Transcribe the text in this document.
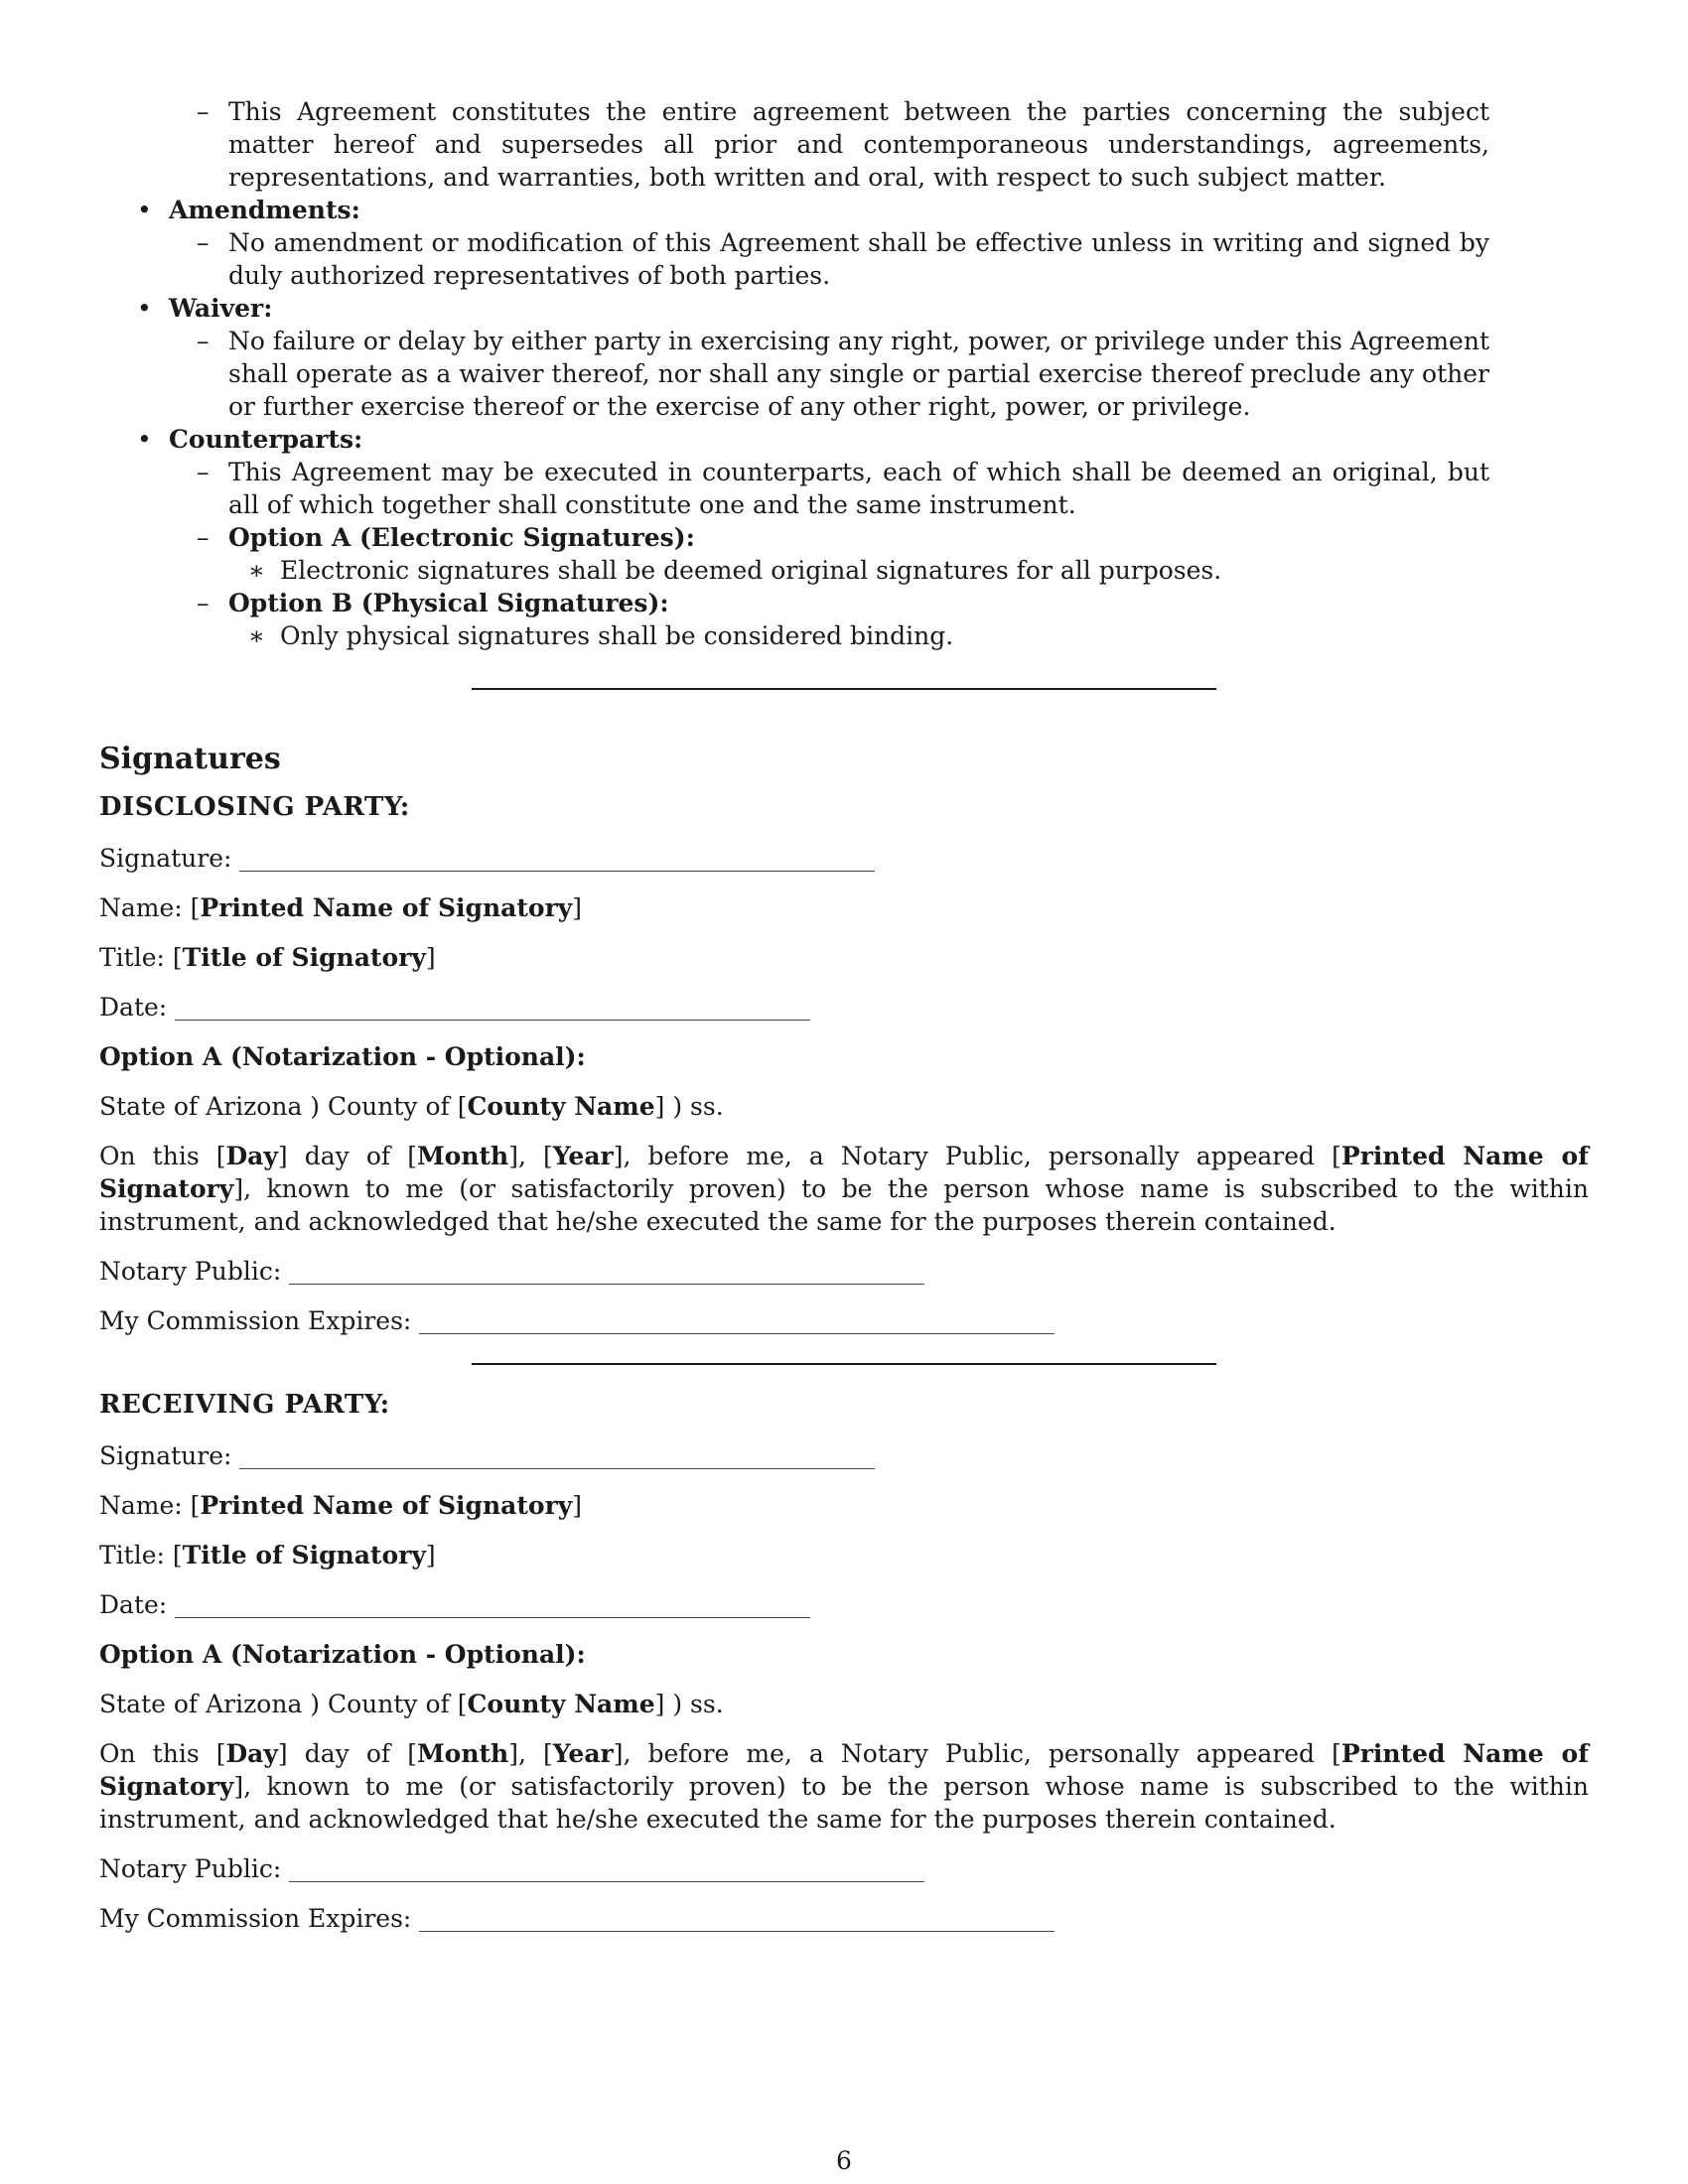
– This Agreement constitutes the entire agreement between the parties concerning the subject matter hereof and supersedes all prior and contemporaneous understandings, agreements, representations, and warranties, both written and oral, with respect to such subject matter.
• Amendments:
– No amendment or modification of this Agreement shall be effective unless in writing and signed by duly authorized representatives of both parties.
• Waiver:
– No failure or delay by either party in exercising any right, power, or privilege under this Agreement shall operate as a waiver thereof, nor shall any single or partial exercise thereof preclude any other or further exercise thereof or the exercise of any other right, power, or privilege.
• Counterparts:
– This Agreement may be executed in counterparts, each of which shall be deemed an original, but all of which together shall constitute one and the same instrument.
– Option A (Electronic Signatures):
∗ Electronic signatures shall be deemed original signatures for all purposes.
– Option B (Physical Signatures):
∗ Only physical signatures shall be considered binding.
Signatures

DISCLOSING PARTY:

Signature:

Name: [Printed Name of Signatory]

Title: [Title of Signatory]

Date:

Option A (Notarization - Optional):

State of Arizona ) County of [County Name] ) ss.

On this [Day] day of [Month], [Year], before me, a Notary Public, personally appeared [Printed Name of Signatory], known to me (or satisfactorily proven) to be the person whose name is subscribed to the within instrument, and acknowledged that he/she executed the same for the purposes therein contained.

Notary Public:

My Commission Expires:

RECEIVING PARTY:

Signature:

Name: [Printed Name of Signatory]

Title: [Title of Signatory]

Date:

Option A (Notarization - Optional):

State of Arizona ) County of [County Name] ) ss.

On this [Day] day of [Month], [Year], before me, a Notary Public, personally appeared [Printed Name of Signatory], known to me (or satisfactorily proven) to be the person whose name is subscribed to the within instrument, and acknowledged that he/she executed the same for the purposes therein contained.

Notary Public:

My Commission Expires:

6
